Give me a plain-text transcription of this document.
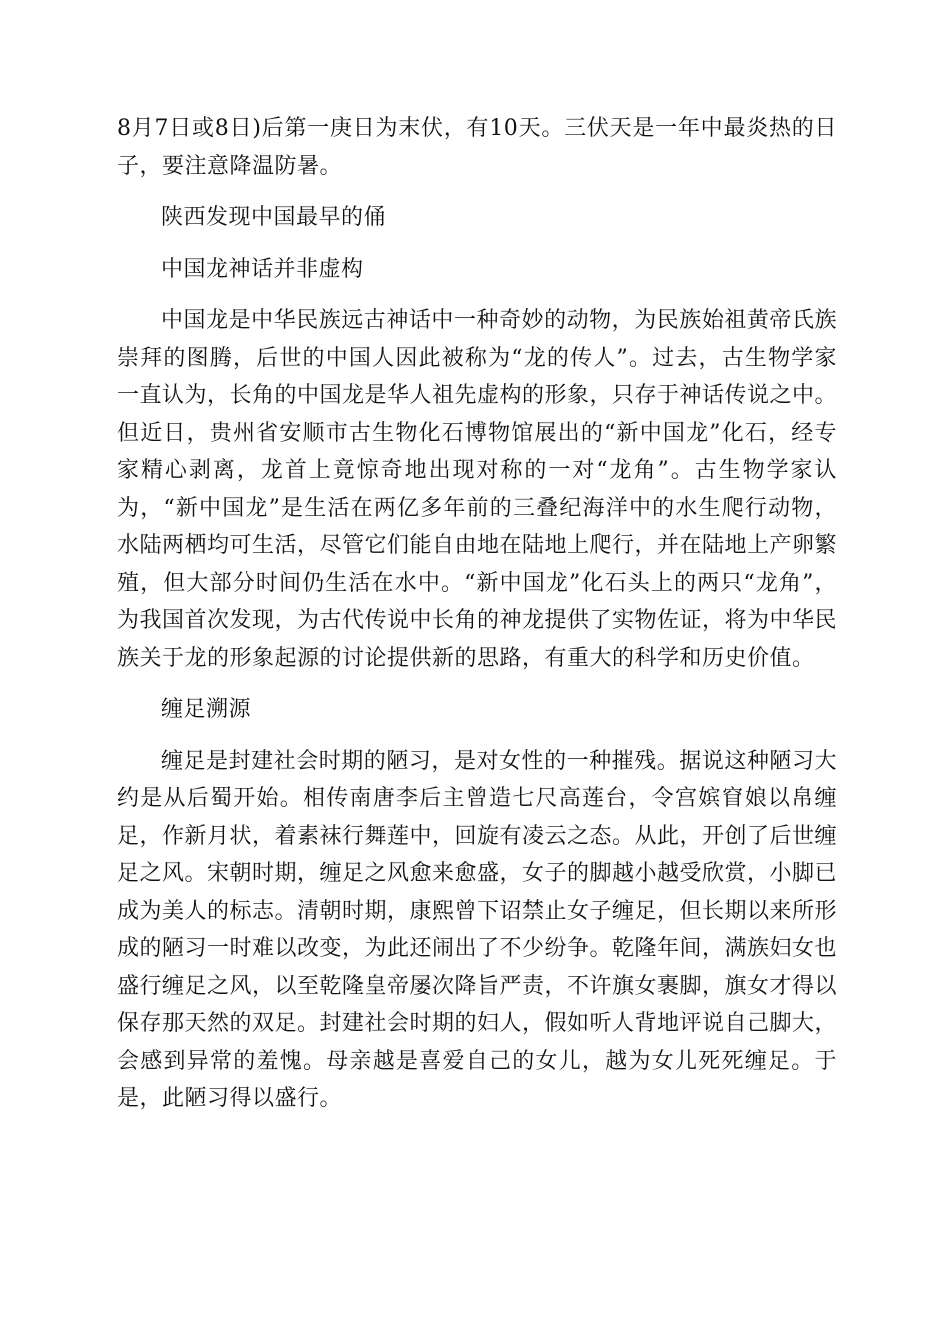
8月7日或8日)后第一庚日为末伏，有10天。三伏天是一年中最炎热的日子，要注意降温防暑。

陕西发现中国最早的俑

中国龙神话并非虚构

中国龙是中华民族远古神话中一种奇妙的动物，为民族始祖黄帝氏族崇拜的图腾，后世的中国人因此被称为“龙的传人”。过去，古生物学家一直认为，长角的中国龙是华人祖先虚构的形象，只存于神话传说之中。但近日，贵州省安顺市古生物化石博物馆展出的“新中国龙”化石，经专家精心剥离，龙首上竟惊奇地出现对称的一对“龙角”。古生物学家认为，“新中国龙”是生活在两亿多年前的三叠纪海洋中的水生爬行动物，水陆两栖均可生活，尽管它们能自由地在陆地上爬行，并在陆地上产卵繁殖，但大部分时间仍生活在水中。“新中国龙”化石头上的两只“龙角”，为我国首次发现，为古代传说中长角的神龙提供了实物佐证，将为中华民族关于龙的形象起源的讨论提供新的思路，有重大的科学和历史价值。

缠足溯源

缠足是封建社会时期的陋习，是对女性的一种摧残。据说这种陋习大约是从后蜀开始。相传南唐李后主曾造七尺高莲台，令宫嫔窅娘以帛缠足，作新月状，着素袜行舞莲中，回旋有凌云之态。从此，开创了后世缠足之风。宋朝时期，缠足之风愈来愈盛，女子的脚越小越受欣赏，小脚已成为美人的标志。清朝时期，康熙曾下诏禁止女子缠足，但长期以来所形成的陋习一时难以改变，为此还闹出了不少纷争。乾隆年间，满族妇女也盛行缠足之风，以至乾隆皇帝屡次降旨严责，不许旗女裹脚，旗女才得以保存那天然的双足。封建社会时期的妇人，假如听人背地评说自己脚大，会感到异常的羞愧。母亲越是喜爱自己的女儿，越为女儿死死缠足。于是，此陋习得以盛行。
